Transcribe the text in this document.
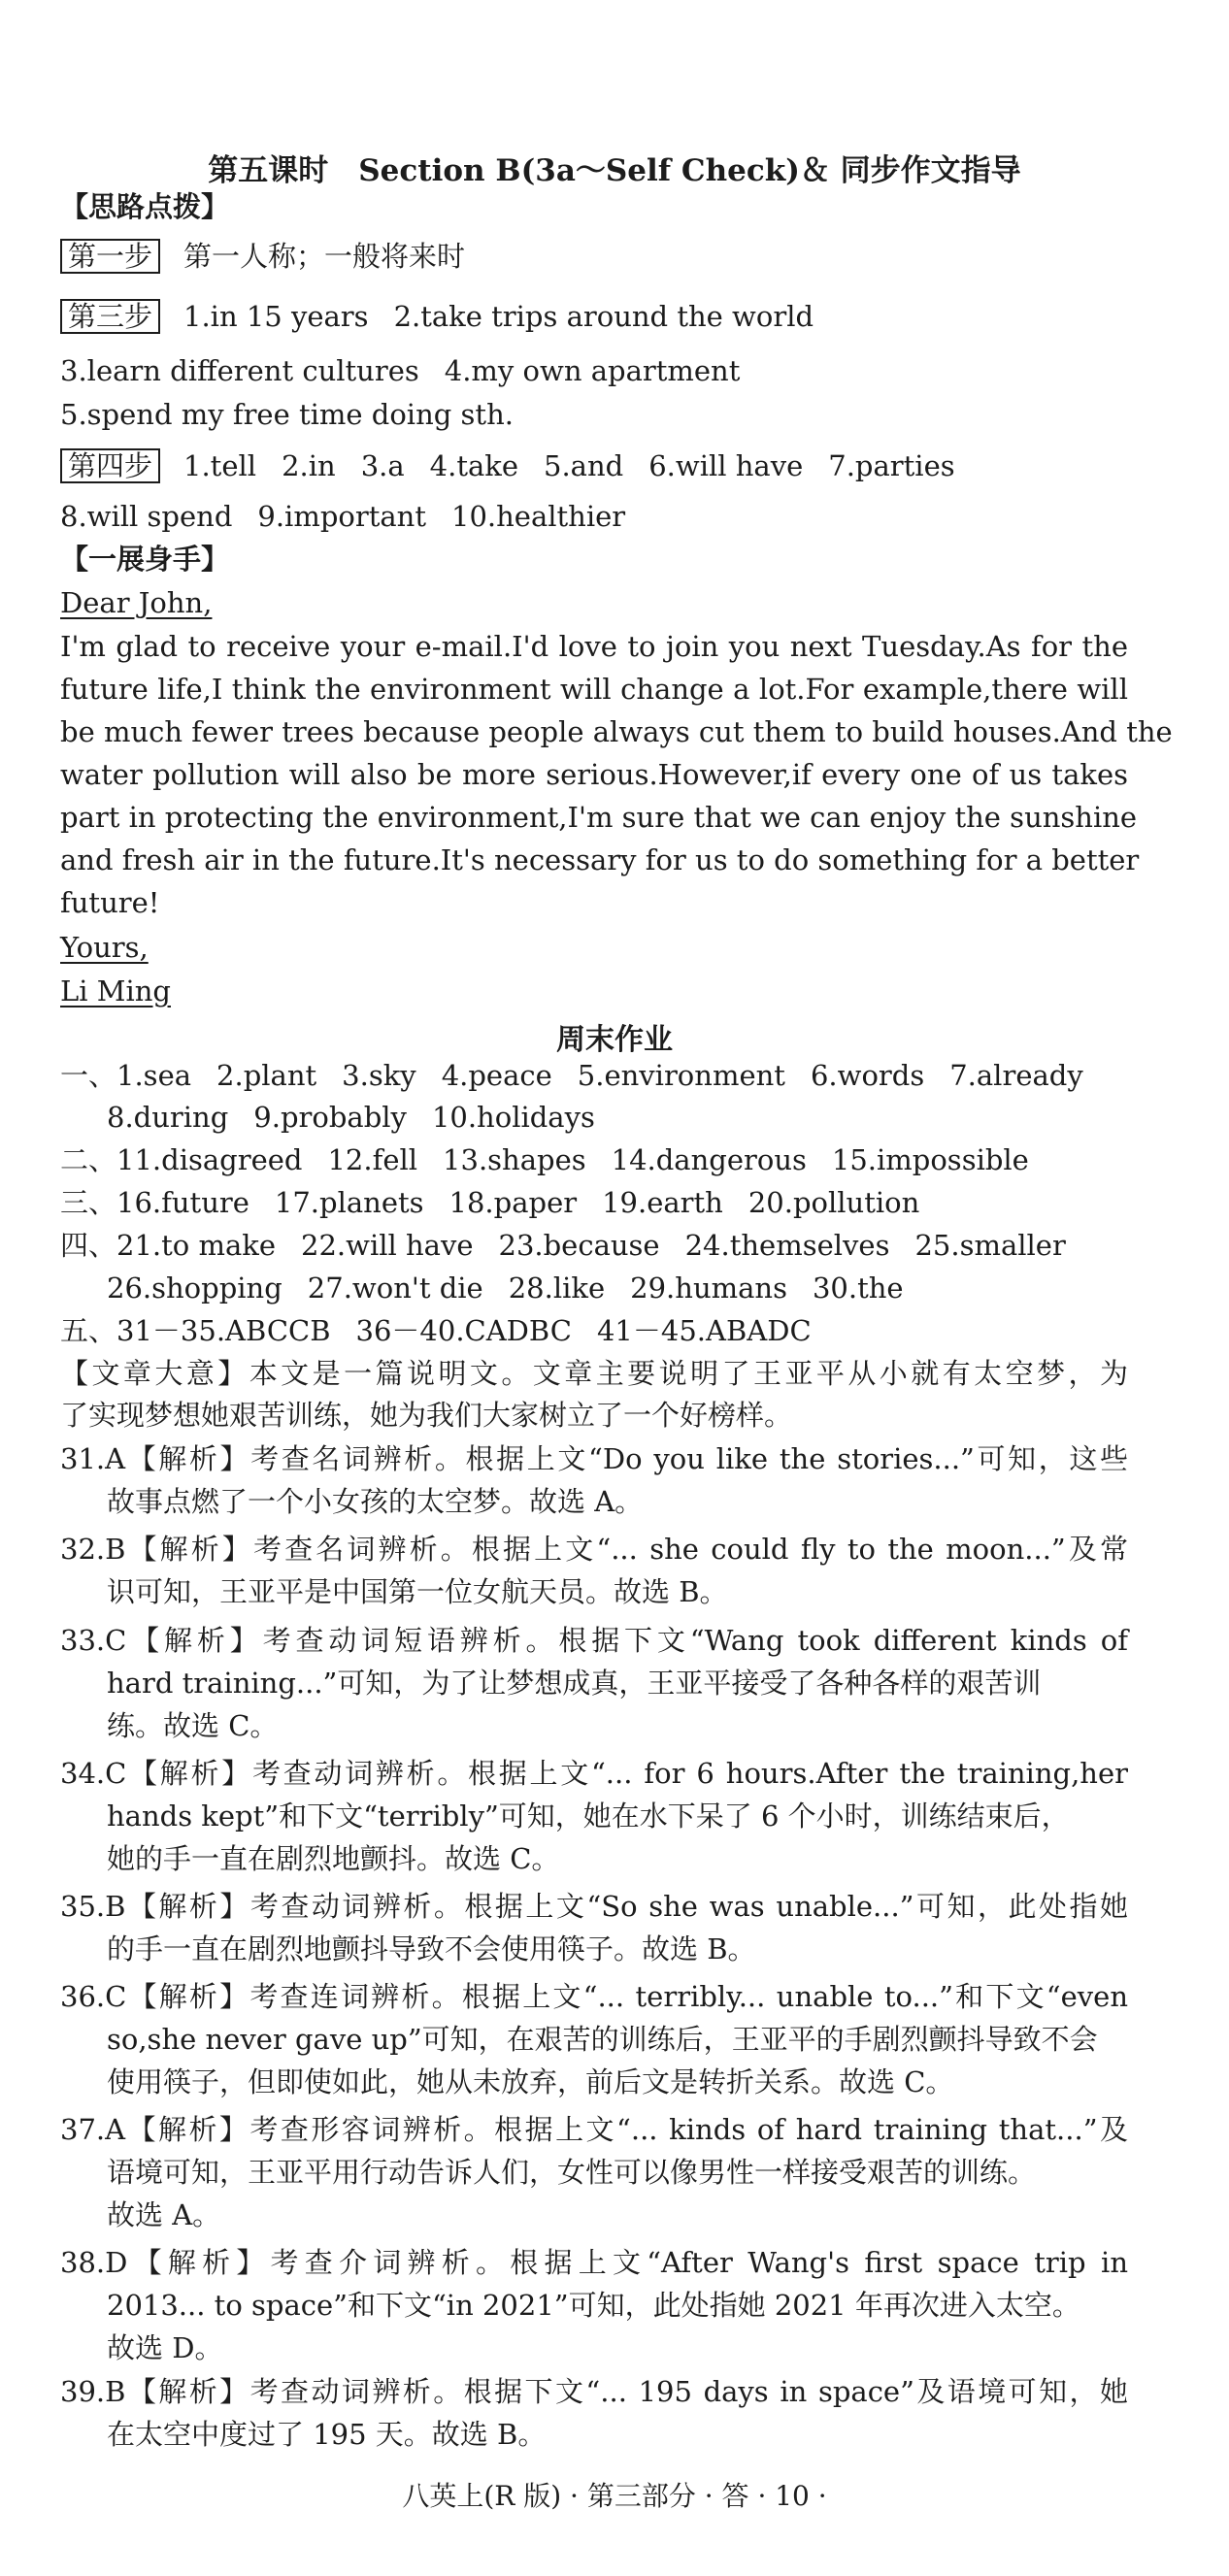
第五课时　Section B(3a～Self Check)＆ 同步作文指导
【思路点拨】
第一步 第一人称；一般将来时
第三步 1.in 15 years 2.take trips around the world
3.learn different cultures 4.my own apartment
5.spend my free time doing sth.
第四步 1.tell 2.in 3.a 4.take 5.and 6.will have 7.parties
8.will spend 9.important 10.healthier
【一展身手】
Dear John,
I'm glad to receive your e-mail.I'd love to join you next Tuesday.As for the
future life,I think the environment will change a lot.For example,there will
be much fewer trees because people always cut them to build houses.And the
water pollution will also be more serious.However,if every one of us takes
part in protecting the environment,I'm sure that we can enjoy the sunshine
and fresh air in the future.It's necessary for us to do something for a better
future!
Yours,
Li Ming
周末作业
一、1.sea 2.plant 3.sky 4.peace 5.environment 6.words 7.already
8.during 9.probably 10.holidays
二、11.disagreed 12.fell 13.shapes 14.dangerous 15.impossible
三、16.future 17.planets 18.paper 19.earth 20.pollution
四、21.to make 22.will have 23.because 24.themselves 25.smaller
26.shopping 27.won't die 28.like 29.humans 30.the
五、31－35.ABCCB 36－40.CADBC 41－45.ABADC
【文章大意】本文是一篇说明文。文章主要说明了王亚平从小就有太空梦，为
了实现梦想她艰苦训练，她为我们大家树立了一个好榜样。
31.A【解析】考查名词辨析。根据上文“Do you like the stories...”可知，这些
故事点燃了一个小女孩的太空梦。故选 A。
32.B【解析】考查名词辨析。根据上文“... she could fly to the moon...”及常
识可知，王亚平是中国第一位女航天员。故选 B。
33.C【解析】考查动词短语辨析。根据下文“Wang took different kinds of
hard training...”可知，为了让梦想成真，王亚平接受了各种各样的艰苦训
练。故选 C。
34.C【解析】考查动词辨析。根据上文“... for 6 hours.After the training,her
hands kept”和下文“terribly”可知，她在水下呆了 6 个小时，训练结束后，
她的手一直在剧烈地颤抖。故选 C。
35.B【解析】考查动词辨析。根据上文“So she was unable...”可知，此处指她
的手一直在剧烈地颤抖导致不会使用筷子。故选 B。
36.C【解析】考查连词辨析。根据上文“... terribly... unable to...”和下文“even
so,she never gave up”可知，在艰苦的训练后，王亚平的手剧烈颤抖导致不会
使用筷子，但即使如此，她从未放弃，前后文是转折关系。故选 C。
37.A【解析】考查形容词辨析。根据上文“... kinds of hard training that...”及
语境可知，王亚平用行动告诉人们，女性可以像男性一样接受艰苦的训练。
故选 A。
38.D【解析】考查介词辨析。根据上文“After Wang's first space trip in
2013... to space”和下文“in 2021”可知，此处指她 2021 年再次进入太空。
故选 D。
39.B【解析】考查动词辨析。根据下文“... 195 days in space”及语境可知，她
在太空中度过了 195 天。故选 B。
八英上(R 版) · 第三部分 · 答 · 10 ·
